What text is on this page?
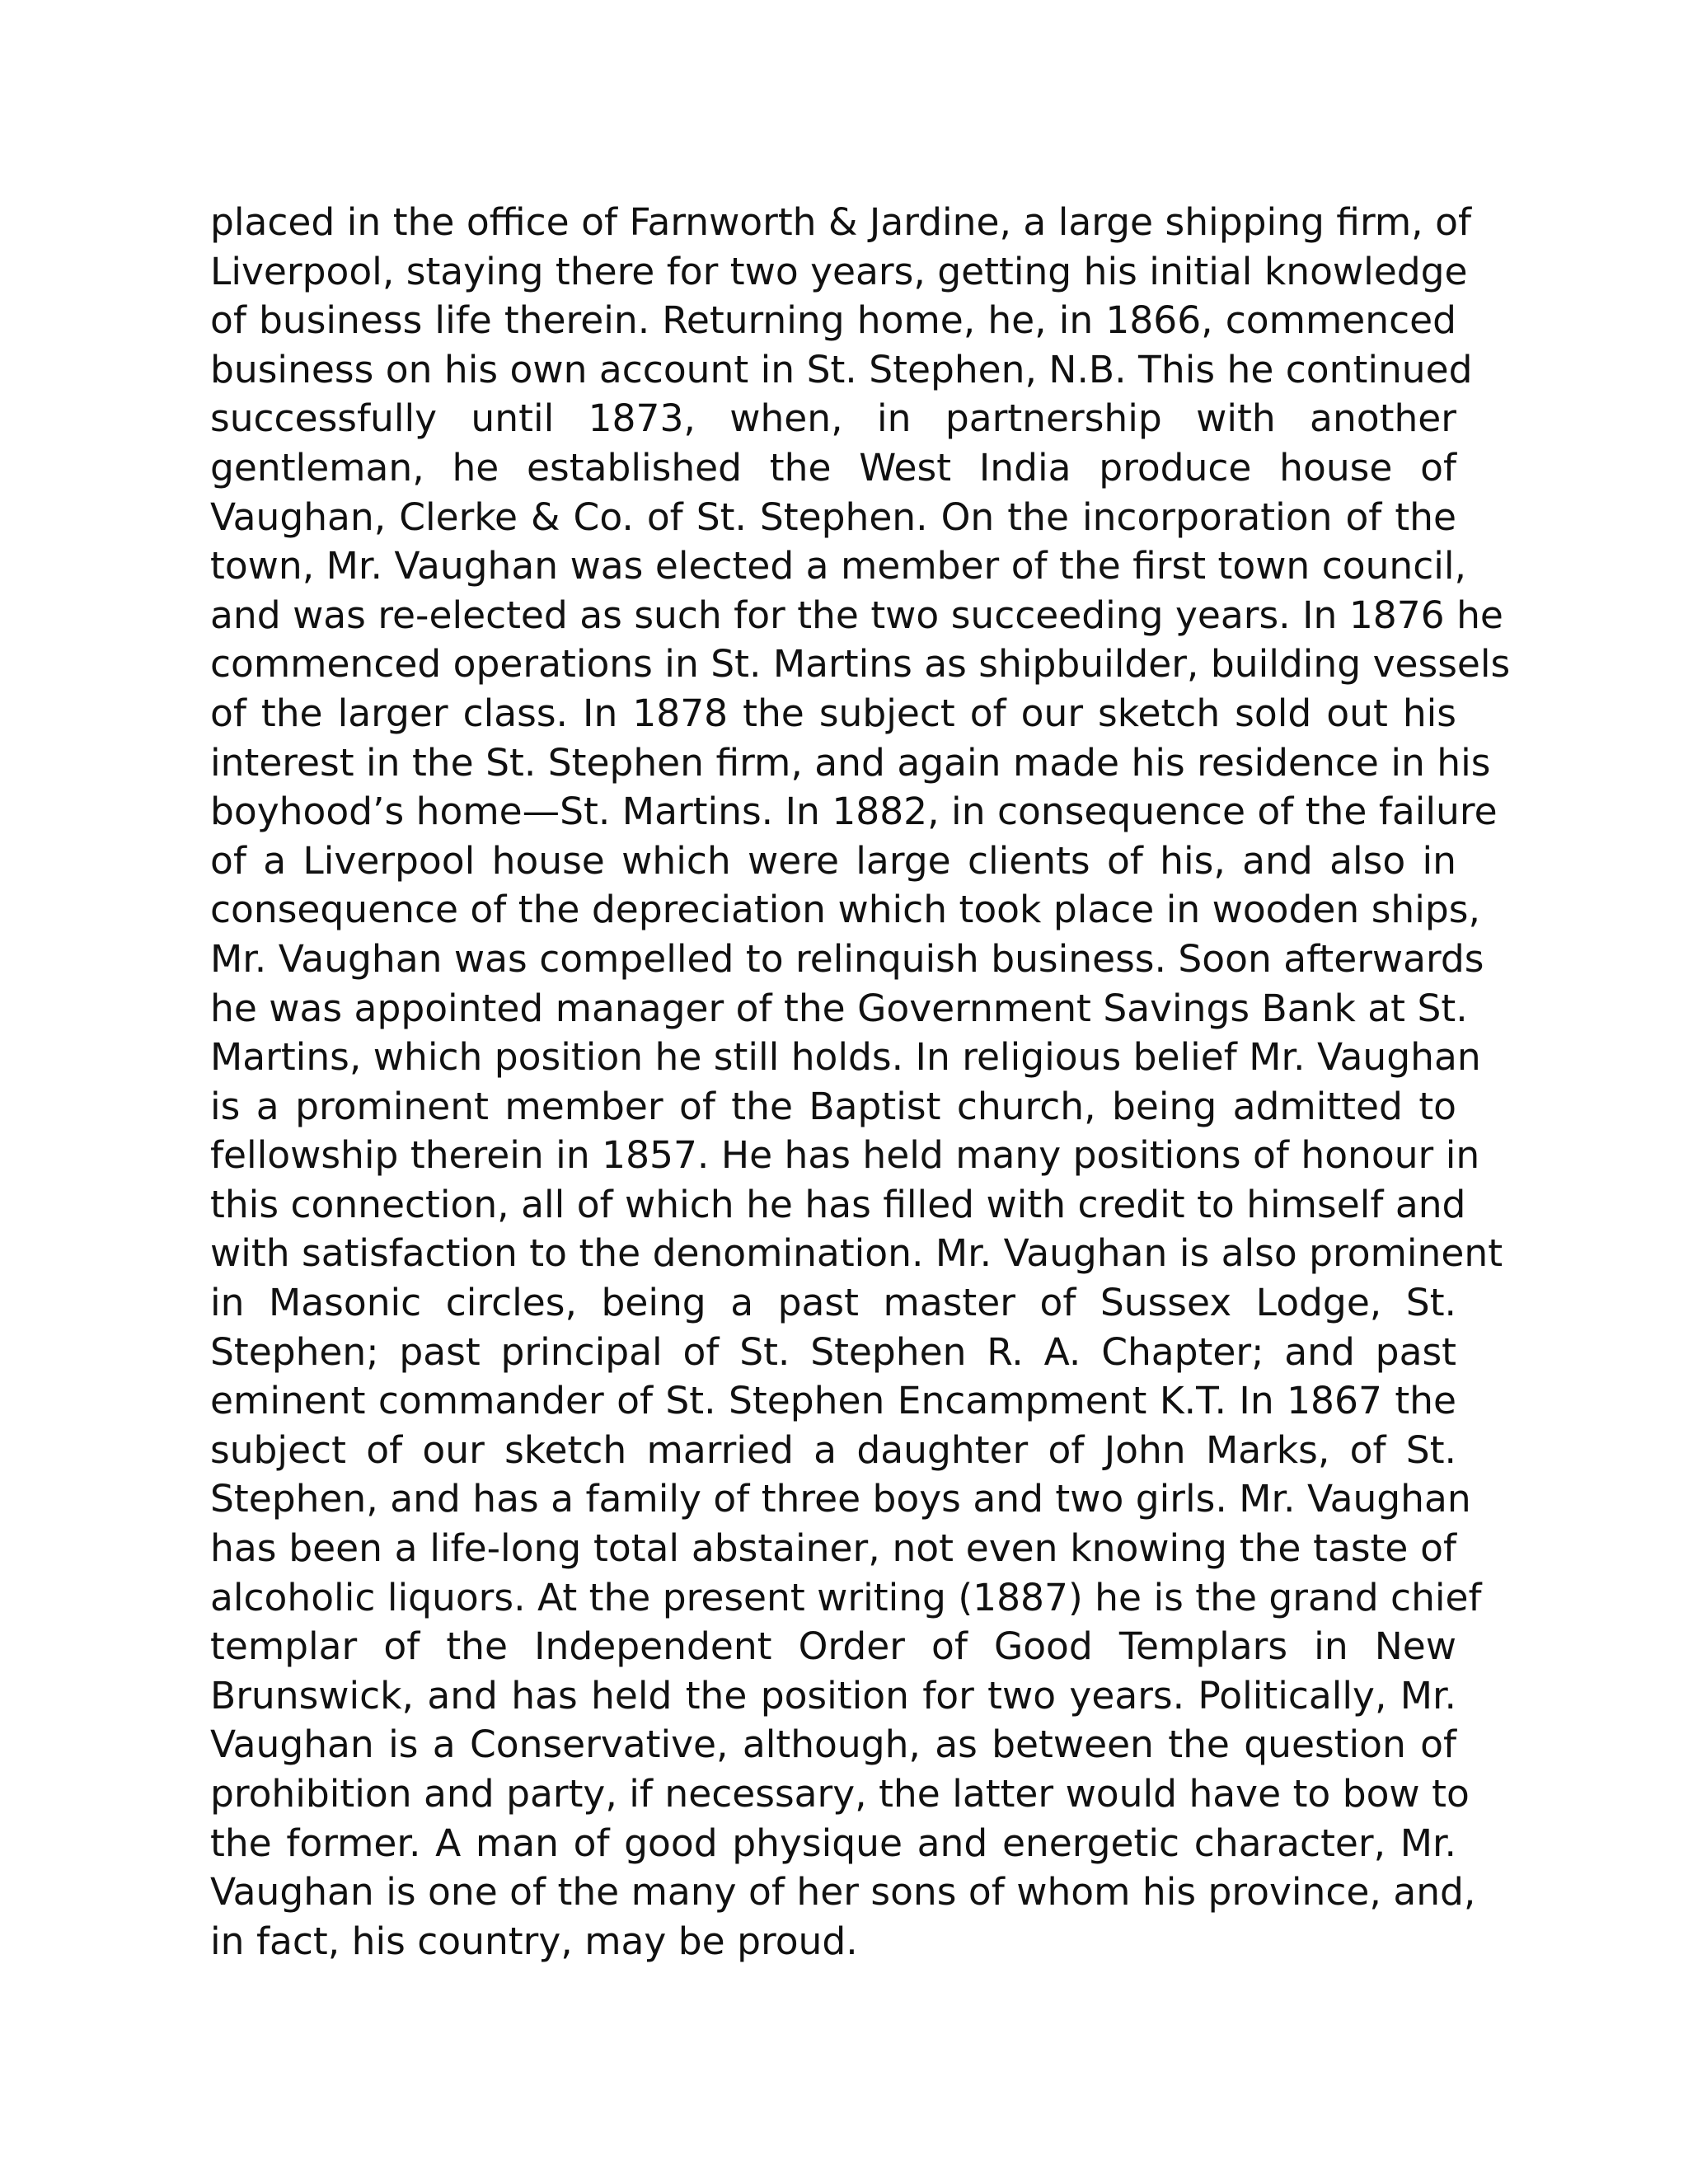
placed in the office of Farnworth & Jardine, a large shipping firm, of
Liverpool, staying there for two years, getting his initial knowledge
of business life therein. Returning home, he, in 1866, commenced
business on his own account in St. Stephen, N.B. This he continued
successfully until 1873, when, in partnership with another
gentleman, he established the West India produce house of
Vaughan, Clerke & Co. of St. Stephen. On the incorporation of the
town, Mr. Vaughan was elected a member of the first town council,
and was re-elected as such for the two succeeding years. In 1876 he
commenced operations in St. Martins as shipbuilder, building vessels
of the larger class. In 1878 the subject of our sketch sold out his
interest in the St. Stephen firm, and again made his residence in his
boyhood’s home—St. Martins. In 1882, in consequence of the failure
of a Liverpool house which were large clients of his, and also in
consequence of the depreciation which took place in wooden ships,
Mr. Vaughan was compelled to relinquish business. Soon afterwards
he was appointed manager of the Government Savings Bank at St.
Martins, which position he still holds. In religious belief Mr. Vaughan
is a prominent member of the Baptist church, being admitted to
fellowship therein in 1857. He has held many positions of honour in
this connection, all of which he has filled with credit to himself and
with satisfaction to the denomination. Mr. Vaughan is also prominent
in Masonic circles, being a past master of Sussex Lodge, St.
Stephen; past principal of St. Stephen R. A. Chapter; and past
eminent commander of St. Stephen Encampment K.T. In 1867 the
subject of our sketch married a daughter of John Marks, of St.
Stephen, and has a family of three boys and two girls. Mr. Vaughan
has been a life-long total abstainer, not even knowing the taste of
alcoholic liquors. At the present writing (1887) he is the grand chief
templar of the Independent Order of Good Templars in New
Brunswick, and has held the position for two years. Politically, Mr.
Vaughan is a Conservative, although, as between the question of
prohibition and party, if necessary, the latter would have to bow to
the former. A man of good physique and energetic character, Mr.
Vaughan is one of the many of her sons of whom his province, and,
in fact, his country, may be proud.
